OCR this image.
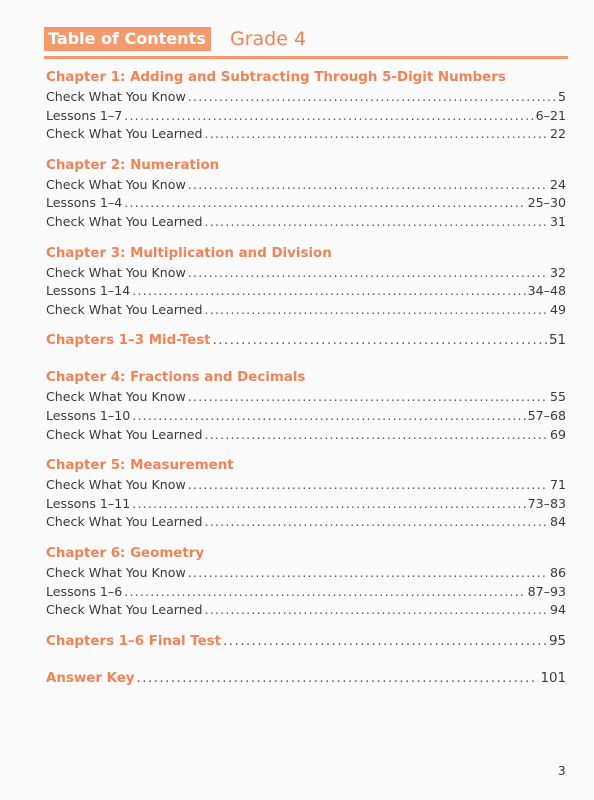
Table of Contents Grade 4
Chapter 1: Adding and Subtracting Through 5-Digit Numbers
Check What You Know . . .	5
Lessons 1–7 . . .	6–21
Check What You Learned . . .	22
Chapter 2: Numeration
Check What You Know . . .	24
Lessons 1–4 . . .	25–30
Check What You Learned . . .	31
Chapter 3: Multiplication and Division
Check What You Know . . .	32
Lessons 1–14 . . .	34–48
Check What You Learned . . .	49
Chapters 1–3 Mid-Test . . .	51
Chapter 4: Fractions and Decimals
Check What You Know . . .	55
Lessons 1–10 . . .	57–68
Check What You Learned . . .	69
Chapter 5: Measurement
Check What You Know . . .	71
Lessons 1–11 . . .	73–83
Check What You Learned . . .	84
Chapter 6: Geometry
Check What You Know . . .	86
Lessons 1–6 . . .	87–93
Check What You Learned . . .	94
Chapters 1–6 Final Test . . .	95
Answer Key . . .	101
3
